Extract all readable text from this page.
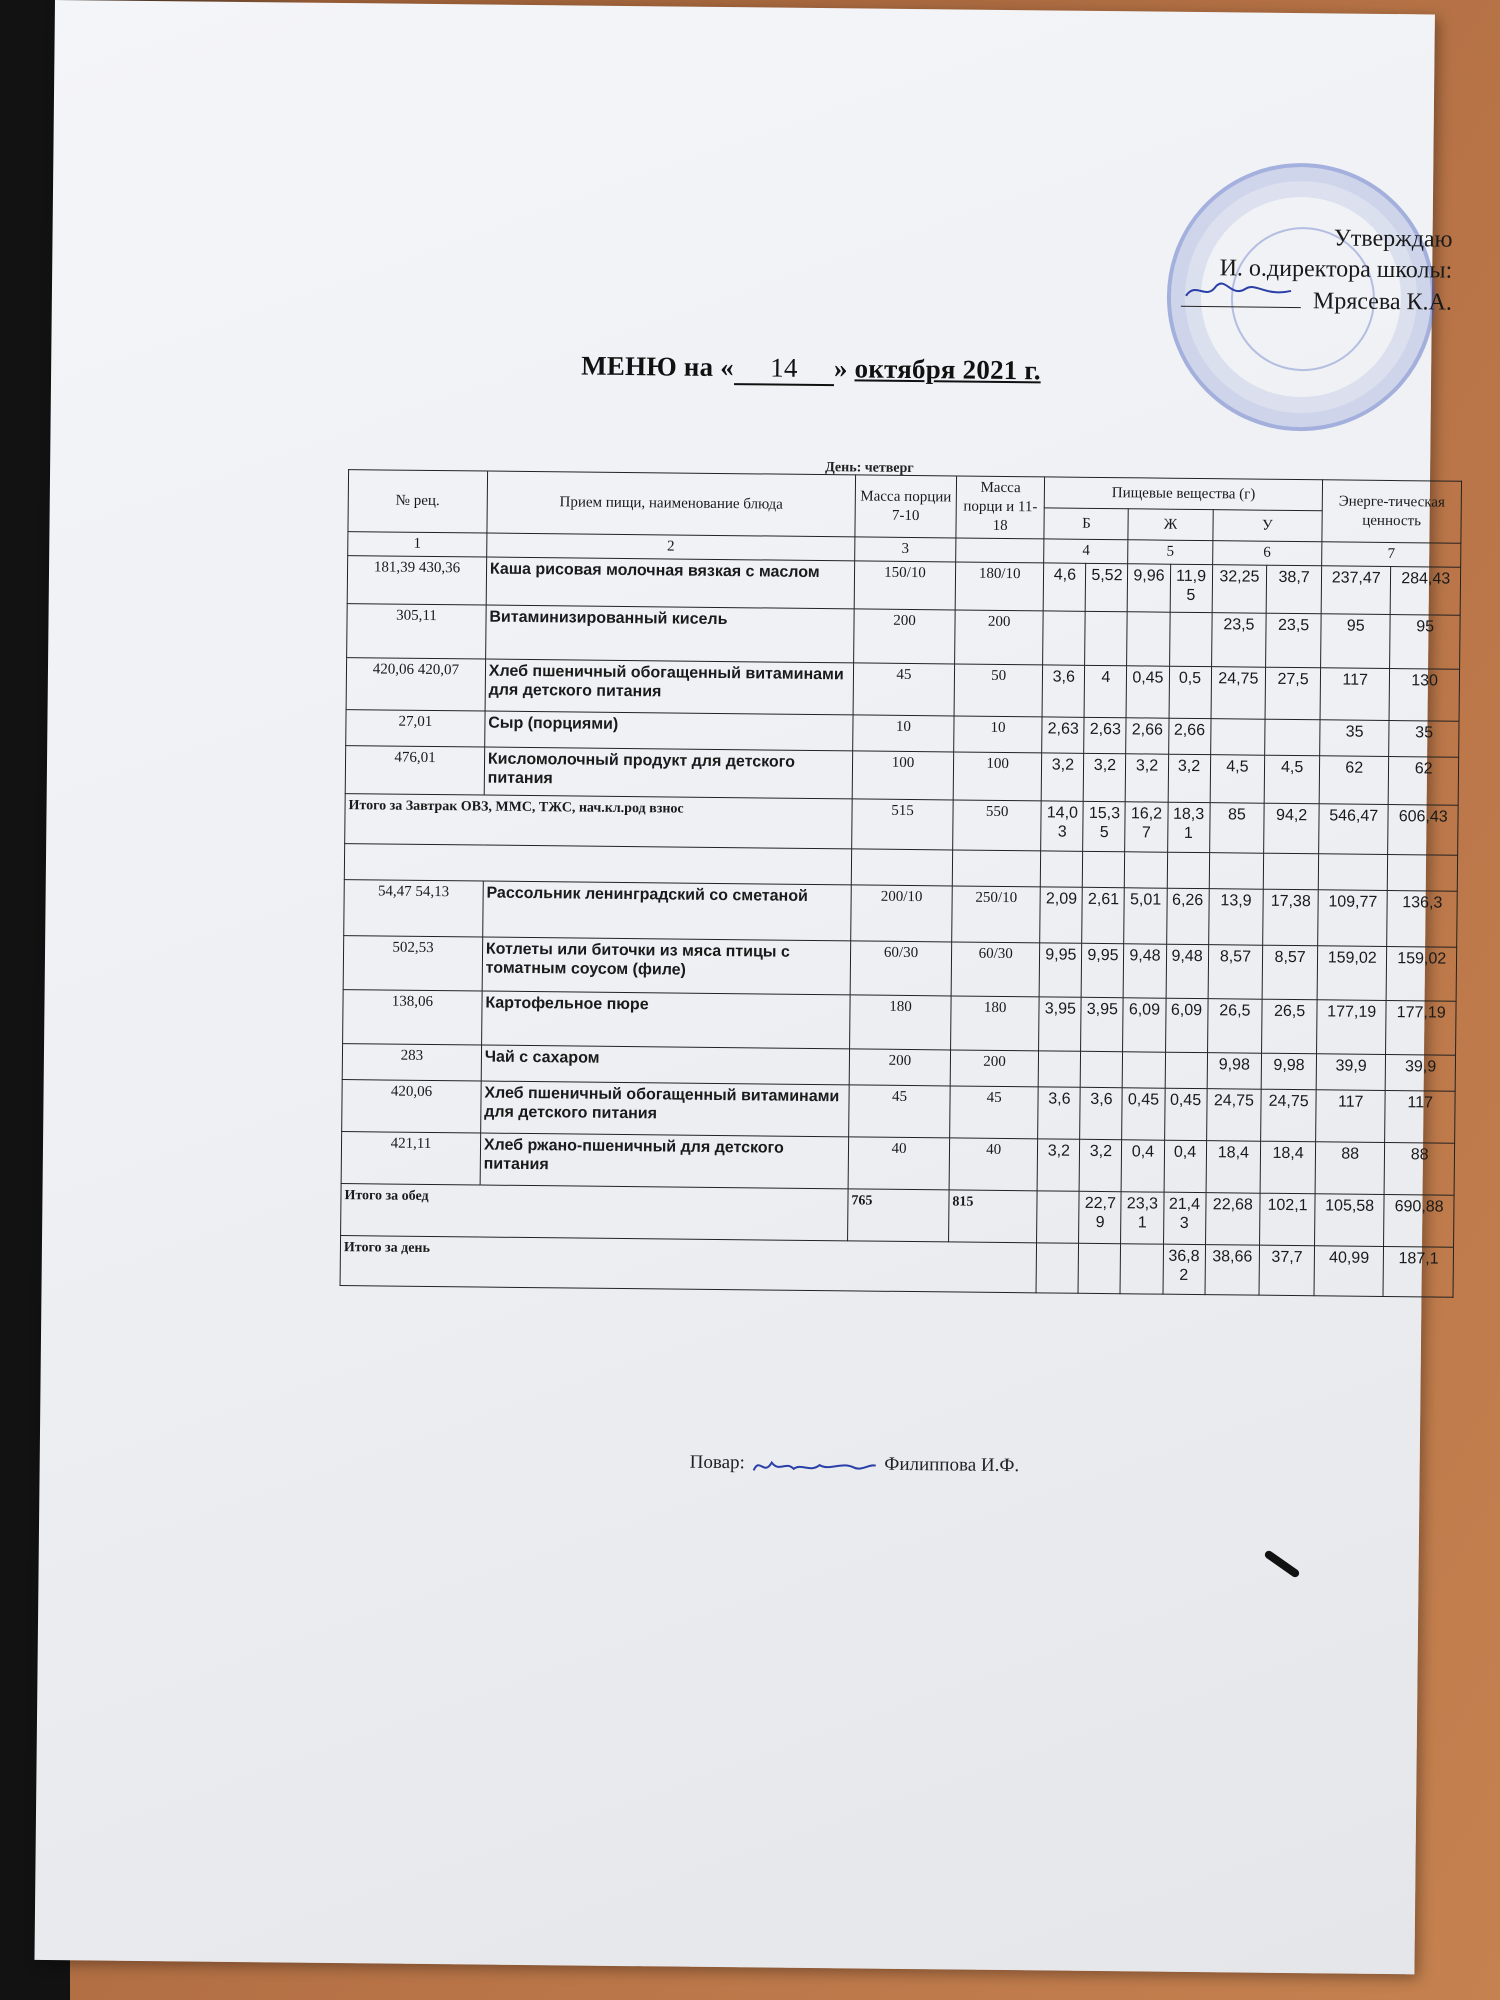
Утверждаю
И. о.директора школы:
Мрясева К.А.
МЕНЮ на « 14 » октября 2021 г.
День: четверг
№ рец.	Прием пищи, наименование блюда	Масса порции 7-10	Масса порци и 11-18	Пищевые вещества (г)						Энерге-тическая ценность	
				Б		Ж		У			
1	2	3		4		5		6		7	
181,39 430,36	Каша рисовая молочная вязкая с маслом	150/10	180/10	4,6	5,52	9,96	11,95	32,25	38,7	237,47	284,43
305,11	Витаминизированный кисель	200	200					23,5	23,5	95	95
420,06 420,07	Хлеб пшеничный обогащенный витаминами для детского питания	45	50	3,6	4	0,45	0,5	24,75	27,5	117	130
27,01	Сыр (порциями)	10	10	2,63	2,63	2,66	2,66			35	35
476,01	Кисломолочный продукт для детского питания	100	100	3,2	3,2	3,2	3,2	4,5	4,5	62	62
Итого за Завтрак ОВЗ, ММС, ТЖС, нач.кл.род взнос		515	550	14,03	15,35	16,27	18,31	85	94,2	546,47	606,43

54,47 54,13	Рассольник ленинградский со сметаной	200/10	250/10	2,09	2,61	5,01	6,26	13,9	17,38	109,77	136,3
502,53	Котлеты или биточки из мяса птицы с томатным соусом (филе)	60/30	60/30	9,95	9,95	9,48	9,48	8,57	8,57	159,02	159,02
138,06	Картофельное пюре	180	180	3,95	3,95	6,09	6,09	26,5	26,5	177,19	177,19
283	Чай с сахаром	200	200					9,98	9,98	39,9	39,9
420,06	Хлеб пшеничный обогащенный витаминами для детского питания	45	45	3,6	3,6	0,45	0,45	24,75	24,75	117	117
421,11	Хлеб ржано-пшеничный для детского питания	40	40	3,2	3,2	0,4	0,4	18,4	18,4	88	88
Итого за обед		765	815		22,79	23,31	21,43	22,68	102,1	105,58	690,88
Итого за день							36,82	38,66	37,7	40,99	187,1
Повар:	Филиппова И.Ф.
